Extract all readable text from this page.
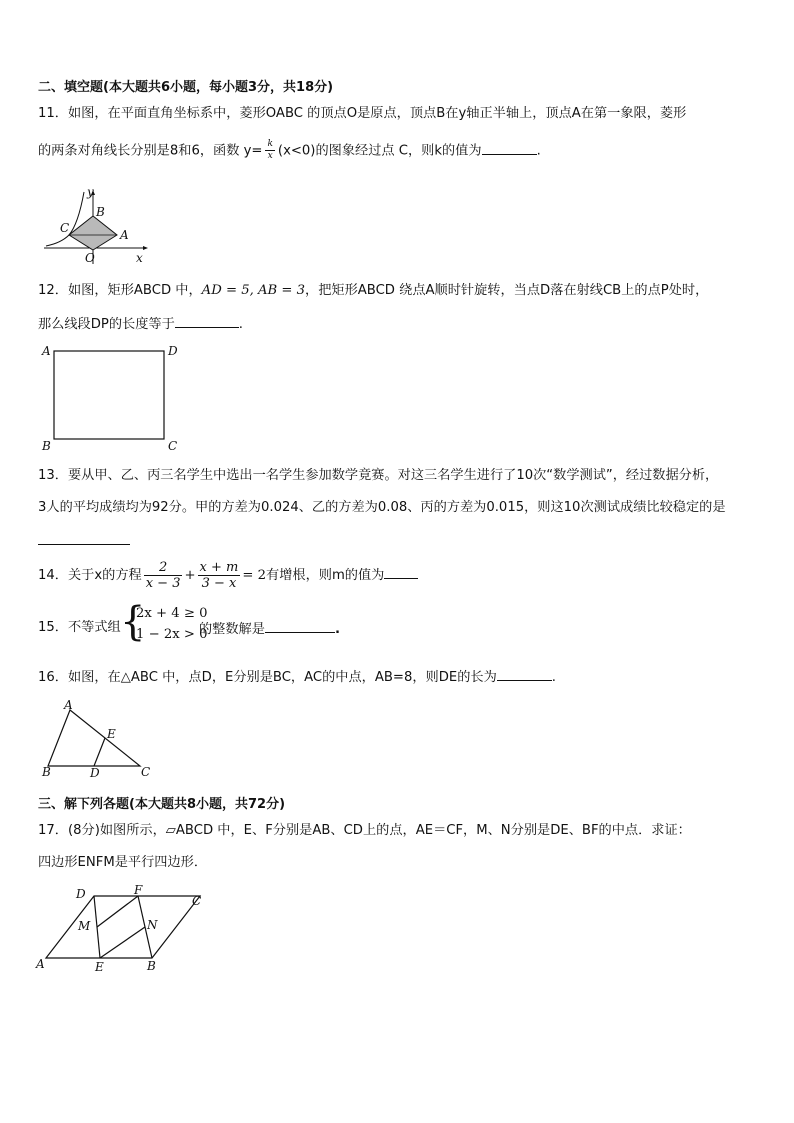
二、填空题(本大题共6小题，每小题3分，共18分)
11．如图，在平面直角坐标系中，菱形OABC 的顶点O是原点，顶点B在y轴正半轴上，顶点A在第一象限，菱形
的两条对角线长分别是8和6，函数 $y= \frac{k}{x} (x<0)$的图象经过点 C，则k的值为	.
y
x
B
C	A
O
12．如图，矩形ABCD 中，AD = 5, AB = 3，把矩形ABCD 绕点A顺时针旋转，当点D落在射线CB上的点P处时，
那么线段DP的长度等于	.
A	D
B	C
13．要从甲、乙、丙三名学生中选出一名学生参加数学竟赛。对这三名学生进行了10次“数学测试”，经过数据分析，
3人的平均成绩均为92分。甲的方差为0.024、乙的方差为0.08、丙的方差为0.015，则这10次测试成绩比较稳定的是
14．关于x的方程 $\frac{2}{x - 3} + \frac{x + m}{3 - x} = 2$有增根，则m的值为
15．不等式组 {
2x + 4 ≥ 0
1 − 2x > 0
的整数解是	.
16．如图，在△ABC 中，点D，E分别是BC，AC的中点，AB=8，则DE的长为	.
A
E
B	D	C
三、解下列各题(本大题共8小题，共72分)
17．(8分)如图所示，▱ABCD 中，E、F分别是AB、CD上的点，AE＝CF，M、N分别是DE、BF的中点．求证：
四边形ENFM是平行四边形．
D	F
C
M	N
A	E	B
